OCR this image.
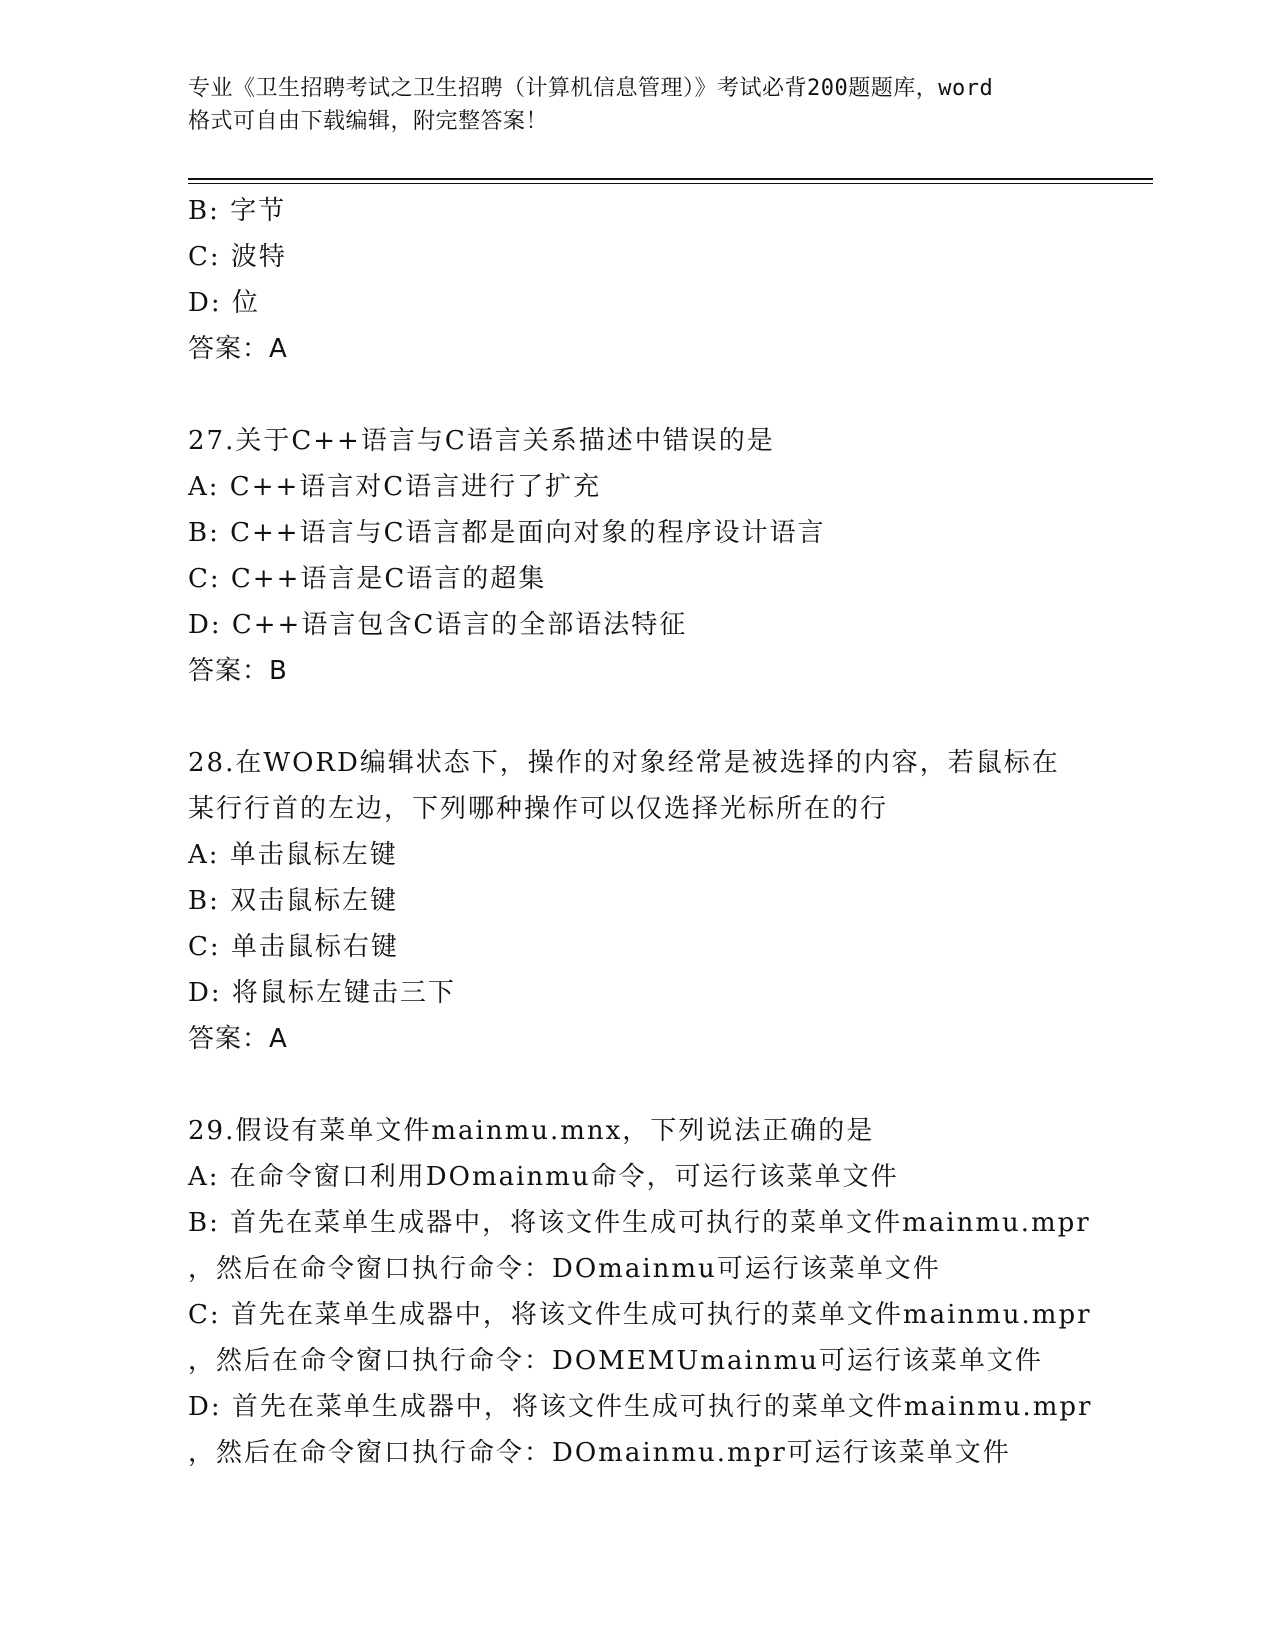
专业《卫生招聘考试之卫生招聘（计算机信息管理）》考试必背200题题库，word
格式可自由下载编辑，附完整答案！
B: 字节
C: 波特
D: 位
答案：A
27.关于C++语言与C语言关系描述中错误的是
A: C++语言对C语言进行了扩充
B: C++语言与C语言都是面向对象的程序设计语言
C: C++语言是C语言的超集
D: C++语言包含C语言的全部语法特征
答案：B
28.在WORD编辑状态下，操作的对象经常是被选择的内容，若鼠标在
某行行首的左边，下列哪种操作可以仅选择光标所在的行
A: 单击鼠标左键
B: 双击鼠标左键
C: 单击鼠标右键
D: 将鼠标左键击三下
答案：A
29.假设有菜单文件mainmu.mnx，下列说法正确的是
A: 在命令窗口利用DOmainmu命令，可运行该菜单文件
B: 首先在菜单生成器中，将该文件生成可执行的菜单文件mainmu.mpr
，然后在命令窗口执行命令：DOmainmu可运行该菜单文件
C: 首先在菜单生成器中，将该文件生成可执行的菜单文件mainmu.mpr
，然后在命令窗口执行命令：DOMEMUmainmu可运行该菜单文件
D: 首先在菜单生成器中，将该文件生成可执行的菜单文件mainmu.mpr
，然后在命令窗口执行命令：DOmainmu.mpr可运行该菜单文件
